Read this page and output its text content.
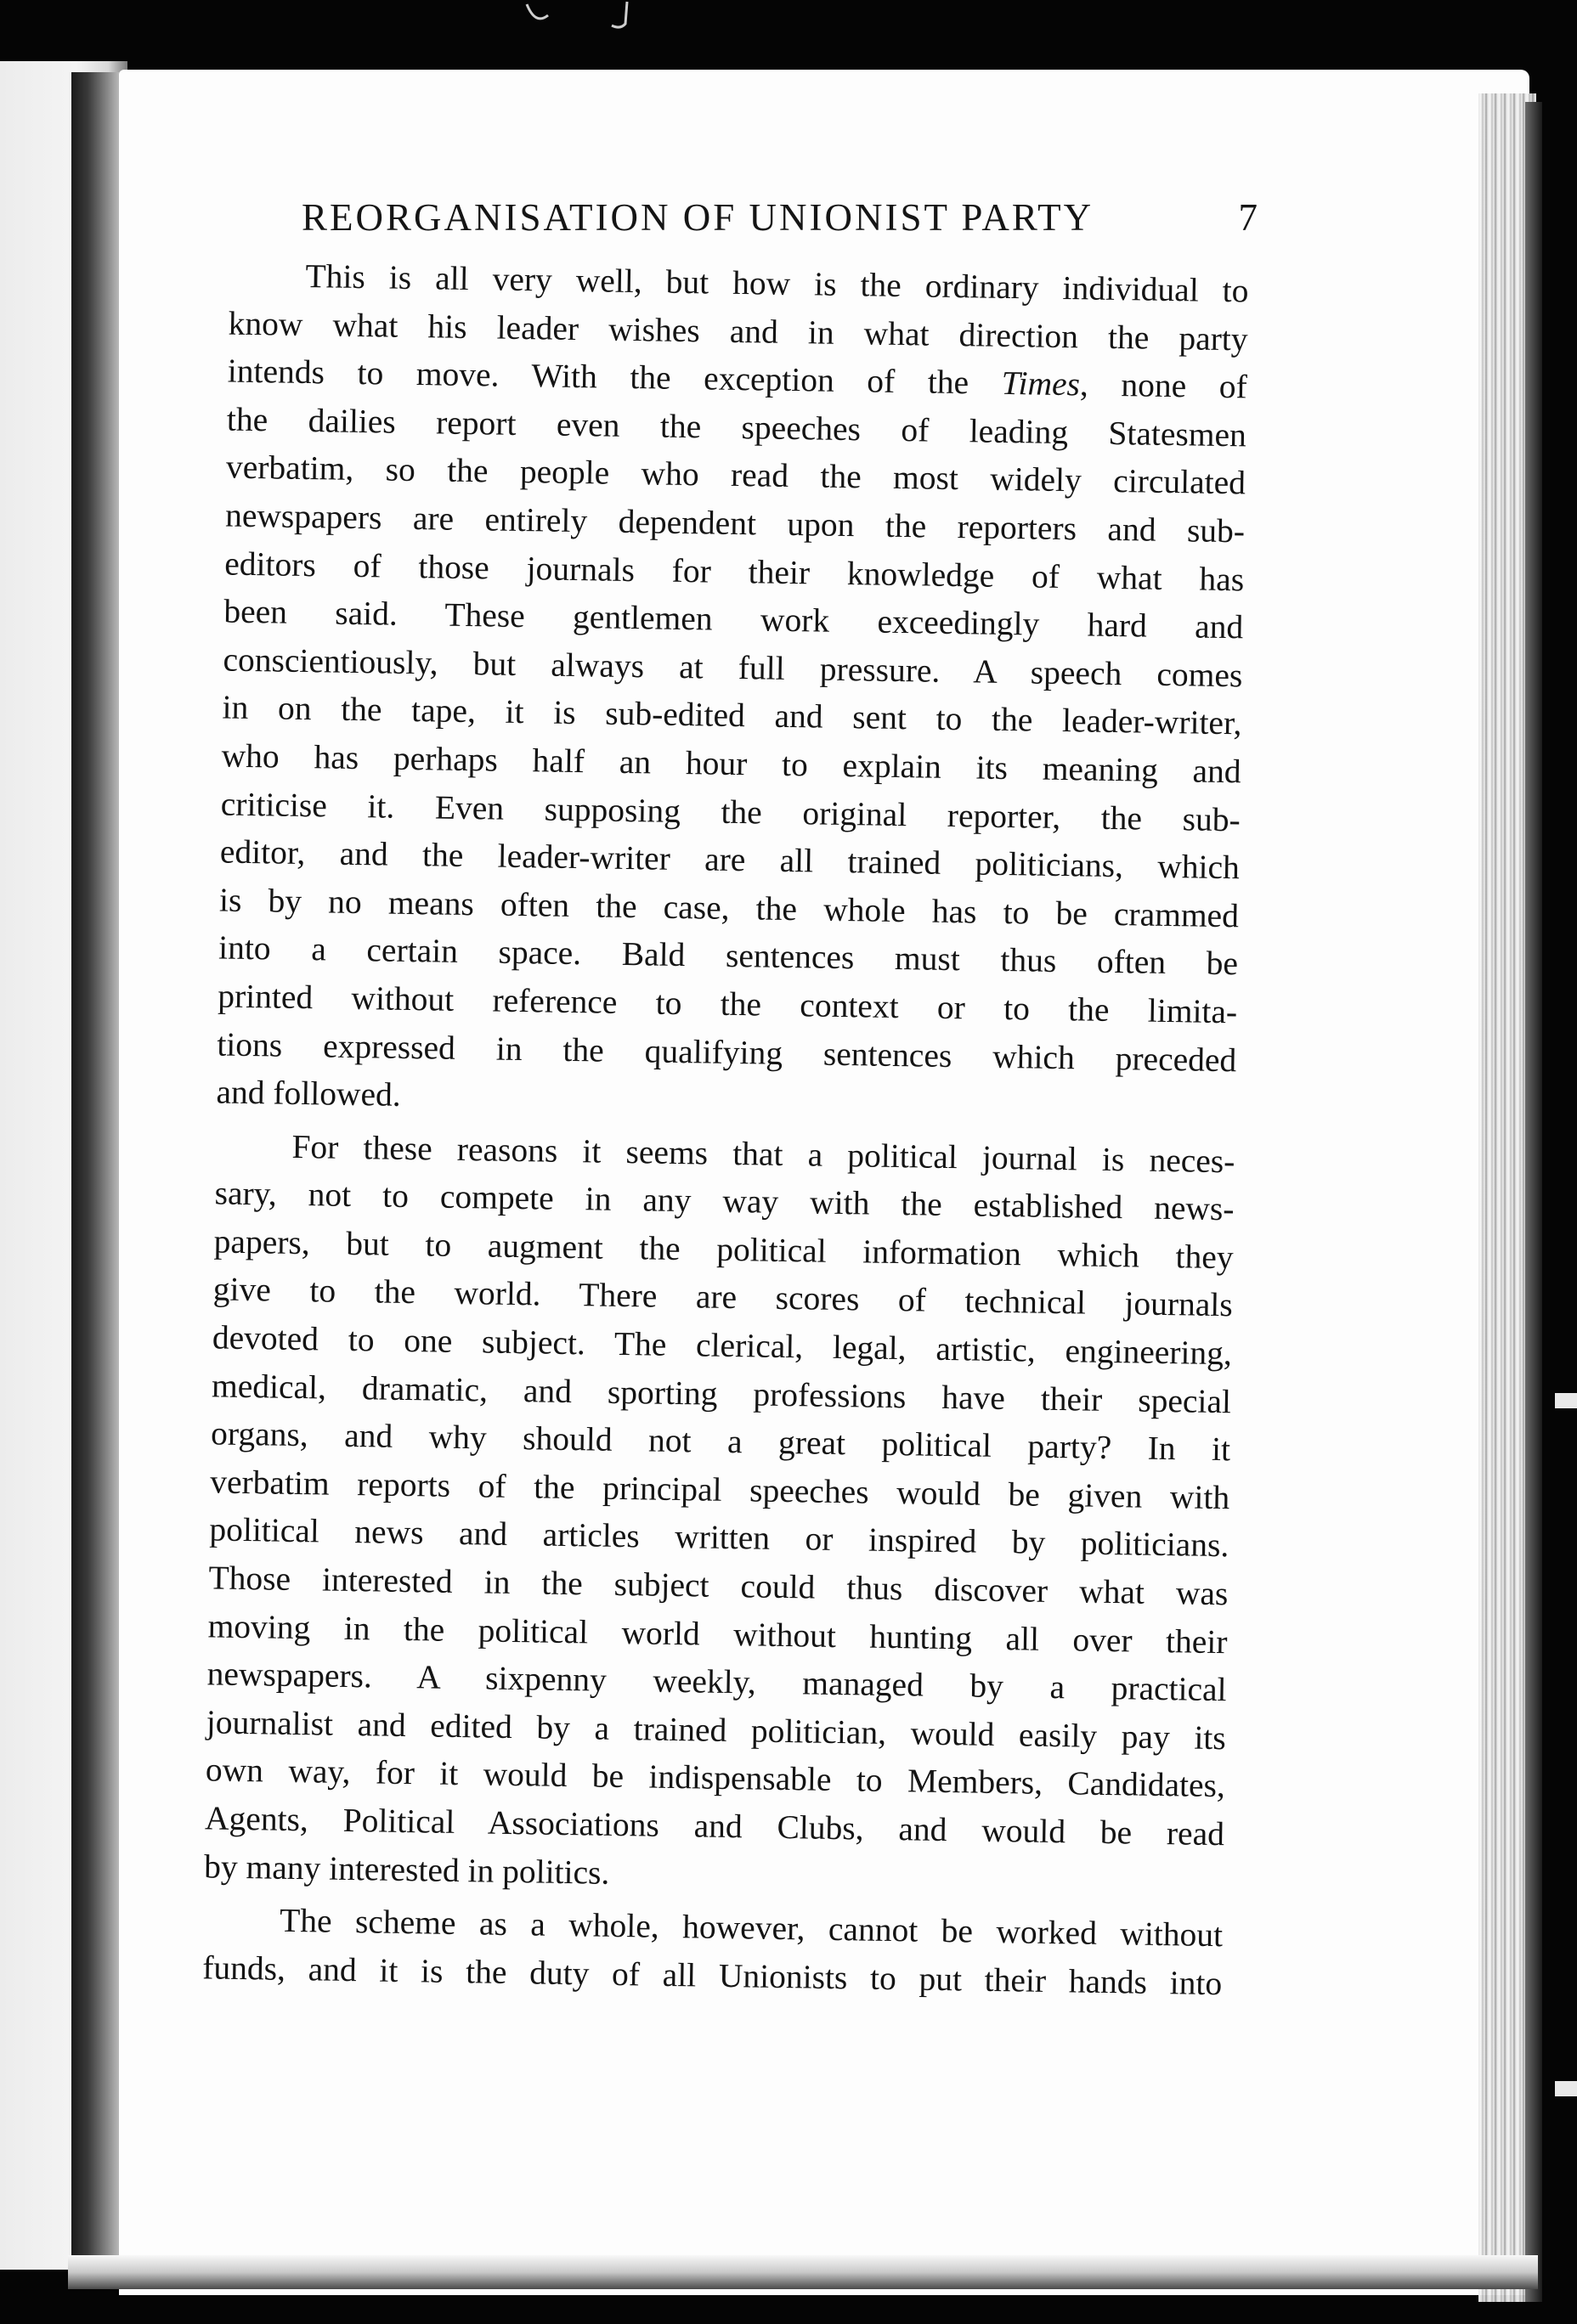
REORGANISATION OF UNIONIST PARTY	7
This is all very well, but how is the ordinary individual to
know what his leader wishes and in what direction the party
intends to move. With the exception of the Times, none of
the dailies report even the speeches of leading Statesmen
verbatim, so the people who read the most widely circulated
newspapers are entirely dependent upon the reporters and sub-
editors of those journals for their knowledge of what has
been said. These gentlemen work exceedingly hard and
conscientiously, but always at full pressure. A speech comes
in on the tape, it is sub-edited and sent to the leader-writer,
who has perhaps half an hour to explain its meaning and
criticise it. Even supposing the original reporter, the sub-
editor, and the leader-writer are all trained politicians, which
is by no means often the case, the whole has to be crammed
into a certain space. Bald sentences must thus often be
printed without reference to the context or to the limita-
tions expressed in the qualifying sentences which preceded
and followed.
For these reasons it seems that a political journal is neces-
sary, not to compete in any way with the established news-
papers, but to augment the political information which they
give to the world. There are scores of technical journals
devoted to one subject. The clerical, legal, artistic, engineering,
medical, dramatic, and sporting professions have their special
organs, and why should not a great political party? In it
verbatim reports of the principal speeches would be given with
political news and articles written or inspired by politicians.
Those interested in the subject could thus discover what was
moving in the political world without hunting all over their
newspapers. A sixpenny weekly, managed by a practical
journalist and edited by a trained politician, would easily pay its
own way, for it would be indispensable to Members, Candidates,
Agents, Political Associations and Clubs, and would be read
by many interested in politics.
The scheme as a whole, however, cannot be worked without
funds, and it is the duty of all Unionists to put their hands into
